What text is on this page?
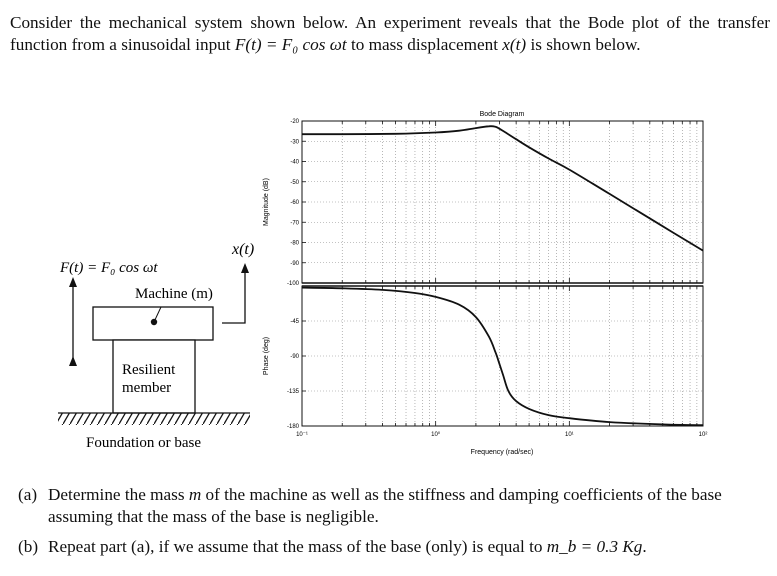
Consider the mechanical system shown below. An experiment reveals that the Bode plot of the transfer function from a sinusoidal input F(t) = F₀ cos ωt to mass displacement x(t) is shown below.
F(t) = F₀ cos ωt
x(t)
Machine (m)
Resilient
member
Foundation or base
Bode Diagram
Magnitude (dB)
Phase (deg)
Frequency (rad/sec)
-20
-30
-40
-50
-60
-70
-80
-90
-100
-45
-90
-135
-180
10⁻¹	10⁰	10¹	10²
(a) Determine the mass m of the machine as well as the stiffness and damping coefficients of the base assuming that the mass of the base is negligible.
(b) Repeat part (a), if we assume that the mass of the base (only) is equal to m_b = 0.3 Kg.
